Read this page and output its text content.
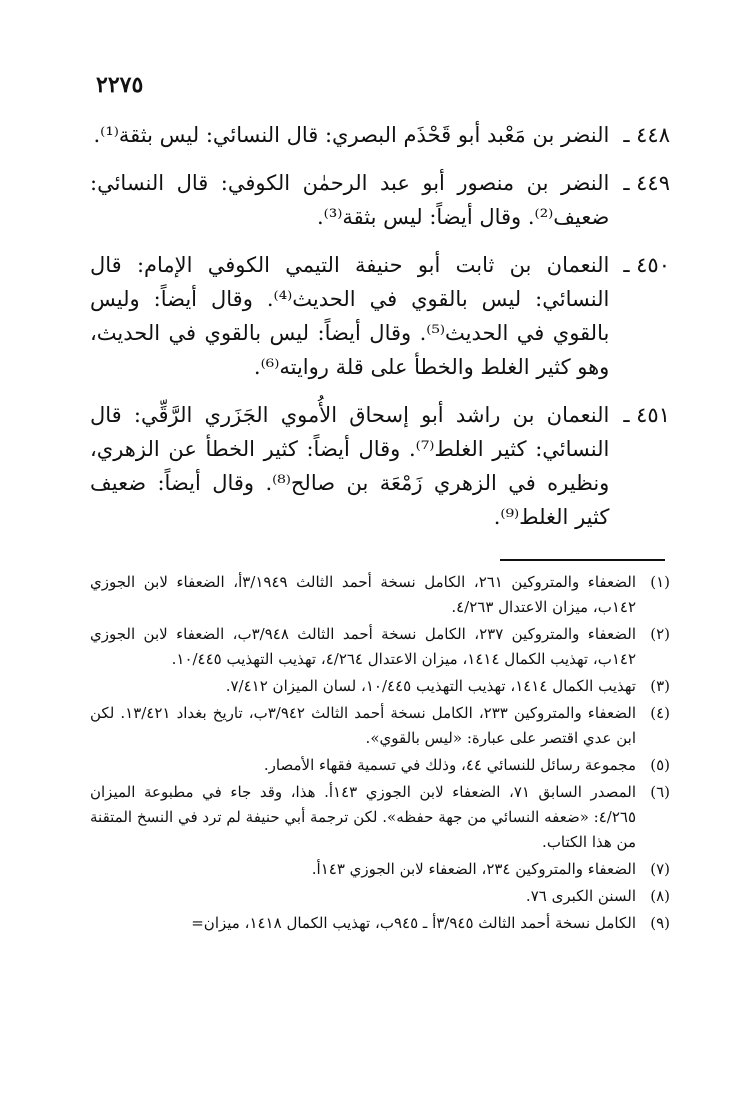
٢٢٧٥
٤٤٨ ـ
النضر بن مَعْبد أبو قَحْذَم البصري: قال النسائي: ليس بثقة⁽¹⁾.
٤٤٩ ـ
النضر بن منصور أبو عبد الرحمٰن الكوفي: قال النسائي: ضعيف⁽²⁾. وقال أيضاً: ليس بثقة⁽³⁾.
٤٥٠ ـ
النعمان بن ثابت أبو حنيفة التيمي الكوفي الإمام: قال النسائي: ليس بالقوي في الحديث⁽⁴⁾. وقال أيضاً: وليس بالقوي في الحديث⁽⁵⁾. وقال أيضاً: ليس بالقوي في الحديث، وهو كثير الغلط والخطأ على قلة روايته⁽⁶⁾.
٤٥١ ـ
النعمان بن راشد أبو إسحاق الأُموي الجَزَري الرَّقِّي: قال النسائي: كثير الغلط⁽⁷⁾. وقال أيضاً: كثير الخطأ عن الزهري، ونظيره في الزهري زَمْعَة بن صالح⁽⁸⁾. وقال أيضاً: ضعيف كثير الغلط⁽⁹⁾.
(١)
الضعفاء والمتروكين ٢٦١، الكامل نسخة أحمد الثالث ٣/١٩٤٩أ، الضعفاء لابن الجوزي ١٤٢ب، ميزان الاعتدال ٤/٢٦٣.
(٢)
الضعفاء والمتروكين ٢٣٧، الكامل نسخة أحمد الثالث ٣/٩٤٨ب، الضعفاء لابن الجوزي ١٤٢ب، تهذيب الكمال ١٤١٤، ميزان الاعتدال ٤/٢٦٤، تهذيب التهذيب ١٠/٤٤٥.
(٣)
تهذيب الكمال ١٤١٤، تهذيب التهذيب ١٠/٤٤٥، لسان الميزان ٧/٤١٢.
(٤)
الضعفاء والمتروكين ٢٣٣، الكامل نسخة أحمد الثالث ٣/٩٤٢ب، تاريخ بغداد ١٣/٤٢١. لكن ابن عدي اقتصر على عبارة: «ليس بالقوي».
(٥)
مجموعة رسائل للنسائي ٤٤، وذلك في تسمية فقهاء الأمصار.
(٦)
المصدر السابق ٧١، الضعفاء لابن الجوزي ١٤٣أ. هذا، وقد جاء في مطبوعة الميزان ٤/٢٦٥: «ضعفه النسائي من جهة حفظه». لكن ترجمة أبي حنيفة لم ترد في النسخ المتقنة من هذا الكتاب.
(٧)
الضعفاء والمتروكين ٢٣٤، الضعفاء لابن الجوزي ١٤٣أ.
(٨)
السنن الكبرى ٧٦.
(٩)
الكامل نسخة أحمد الثالث ٣/٩٤٥أ ـ ٩٤٥ب، تهذيب الكمال ١٤١٨، ميزان=
